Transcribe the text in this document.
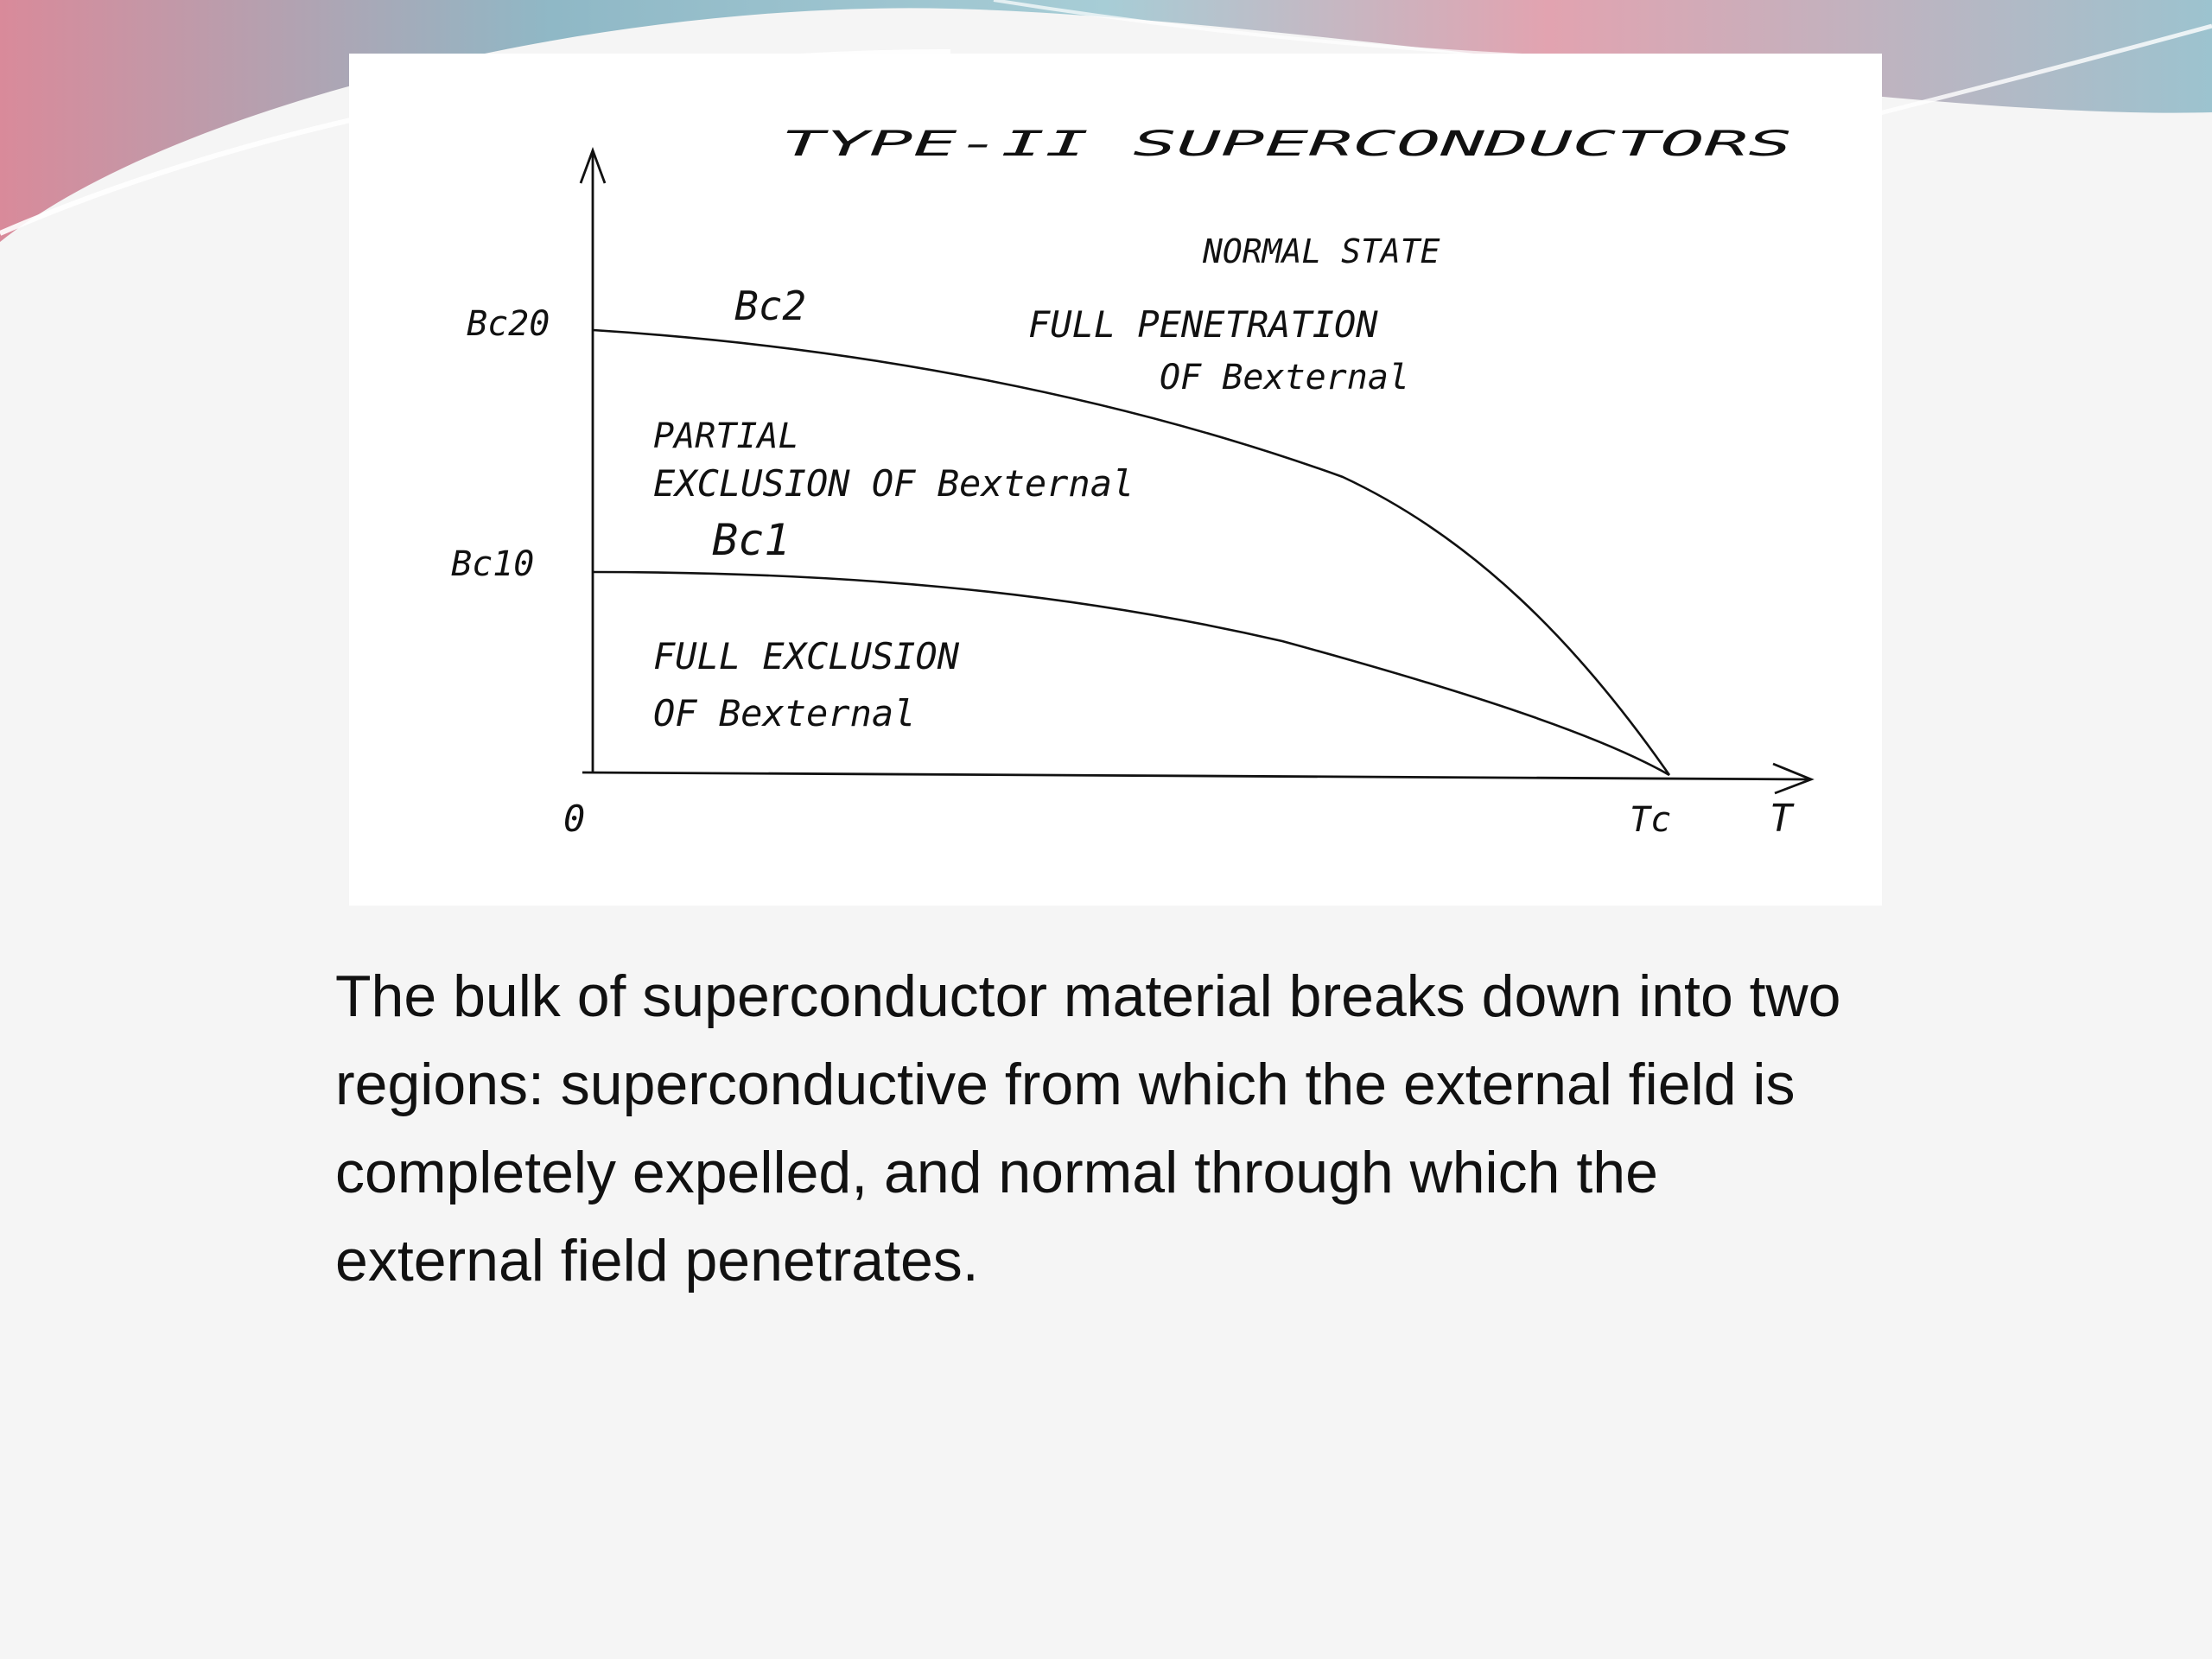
TYPE-II SUPERCONDUCTORS
NORMAL STATE
FULL PENETRATION
OF Bexternal
Bc20	Bc2
PARTIAL
EXCLUSION OF Bexternal
Bc10	Bc1
FULL EXCLUSION
OF Bexternal
0	Tc	T

The bulk of superconductor material breaks down into two regions: superconductive from which the external field is completely expelled, and normal through which the external field penetrates.
